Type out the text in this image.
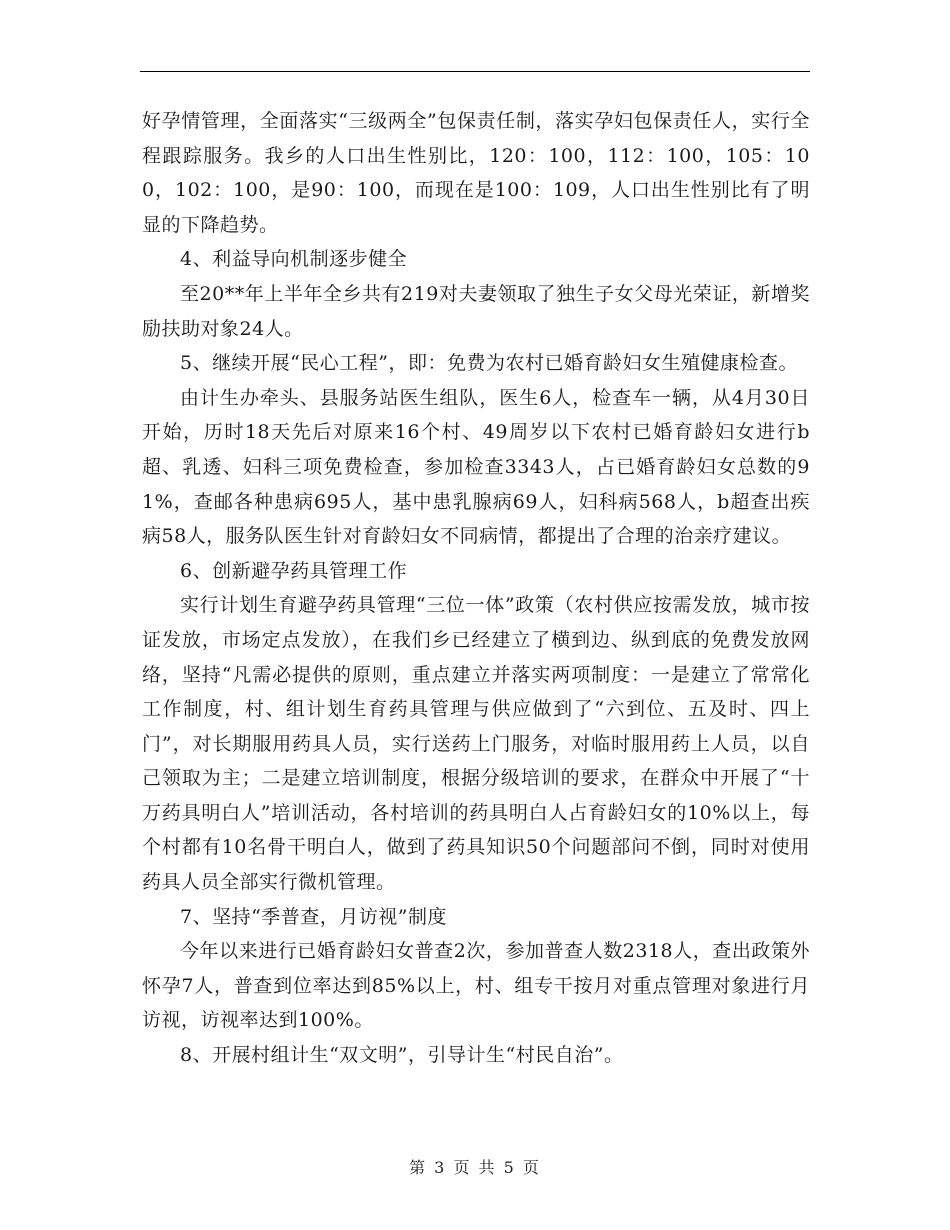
好孕情管理，全面落实“三级两全”包保责任制，落实孕妇包保责任人，实行全程跟踪服务。我乡的人口出生性别比，120：100，112：100，105：100，102：100，是90：100，而现在是100：109，人口出生性别比有了明显的下降趋势。

4、利益导向机制逐步健全

至20**年上半年全乡共有219对夫妻领取了独生子女父母光荣证，新增奖励扶助对象24人。

5、继续开展“民心工程”，即：免费为农村已婚育龄妇女生殖健康检查。

由计生办牵头、县服务站医生组队，医生6人，检查车一辆，从4月30日开始，历时18天先后对原来16个村、49周岁以下农村已婚育龄妇女进行b超、乳透、妇科三项免费检查，参加检查3343人，占已婚育龄妇女总数的91%，查邮各种患病695人，基中患乳腺病69人，妇科病568人，b超查出疾病58人，服务队医生针对育龄妇女不同病情，都提出了合理的治亲疗建议。

6、创新避孕药具管理工作

实行计划生育避孕药具管理“三位一体”政策（农村供应按需发放，城市按证发放，市场定点发放），在我们乡已经建立了横到边、纵到底的免费发放网络，坚持“凡需必提供的原则，重点建立并落实两项制度：一是建立了常常化工作制度，村、组计划生育药具管理与供应做到了“六到位、五及时、四上门”，对长期服用药具人员，实行送药上门服务，对临时服用药上人员，以自己领取为主；二是建立培训制度，根据分级培训的要求，在群众中开展了“十万药具明白人”培训活动，各村培训的药具明白人占育龄妇女的10%以上，每个村都有10名骨干明白人，做到了药具知识50个问题部问不倒，同时对使用药具人员全部实行微机管理。

7、坚持“季普查，月访视”制度

今年以来进行已婚育龄妇女普查2次，参加普查人数2318人，查出政策外怀孕7人，普查到位率达到85%以上，村、组专干按月对重点管理对象进行月访视，访视率达到100%。

8、开展村组计生“双文明”，引导计生“村民自治”。

第 3 页 共 5 页
